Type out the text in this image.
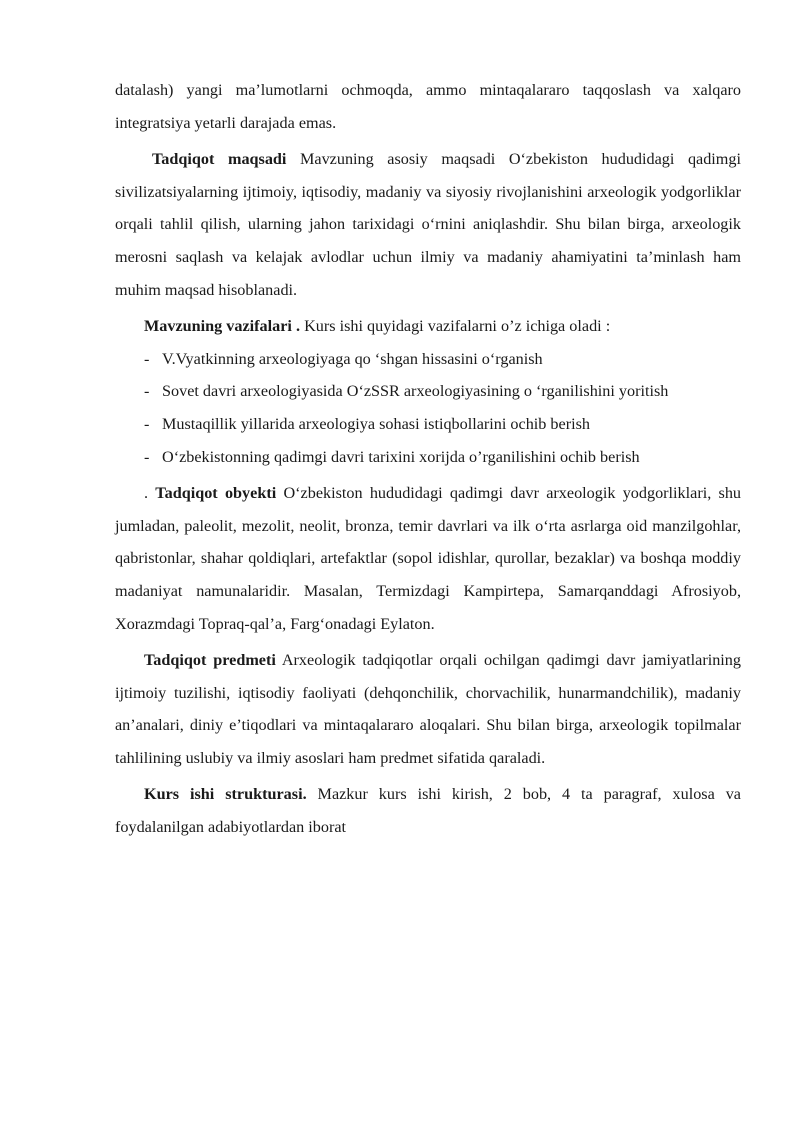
datalash) yangi ma’lumotlarni ochmoqda, ammo mintaqalararo taqqoslash va xalqaro integratsiya yetarli darajada emas.

Tadqiqot maqsadi Mavzuning asosiy maqsadi O‘zbekiston hududidagi qadimgi sivilizatsiyalarning ijtimoiy, iqtisodiy, madaniy va siyosiy rivojlanishini arxeologik yodgorliklar orqali tahlil qilish, ularning jahon tarixidagi o‘rnini aniqlashdir. Shu bilan birga, arxeologik merosni saqlash va kelajak avlodlar uchun ilmiy va madaniy ahamiyatini ta’minlash ham muhim maqsad hisoblanadi.

Mavzuning vazifalari . Kurs ishi quyidagi vazifalarni o’z ichiga oladi :

- V.Vyatkinning arxeologiyaga qo ‘shgan hissasini o‘rganish
- Sovet davri arxeologiyasida O‘zSSR arxeologiyasining o ‘rganilishini yoritish
- Mustaqillik yillarida arxeologiya sohasi istiqbollarini ochib berish
- O‘zbekistonning qadimgi davri tarixini xorijda o’rganilishini ochib berish

. Tadqiqot obyekti O‘zbekiston hududidagi qadimgi davr arxeologik yodgorliklari, shu jumladan, paleolit, mezolit, neolit, bronza, temir davrlari va ilk o‘rta asrlarga oid manzilgohlar, qabristonlar, shahar qoldiqlari, artefaktlar (sopol idishlar, qurollar, bezaklar) va boshqa moddiy madaniyat namunalaridir. Masalan, Termizdagi Kampirtepa, Samarqanddagi Afrosiyob, Xorazmdagi Topraq-qal’a, Farg‘onadagi Eylaton.

Tadqiqot predmeti Arxeologik tadqiqotlar orqali ochilgan qadimgi davr jamiyatlarining ijtimoiy tuzilishi, iqtisodiy faoliyati (dehqonchilik, chorvachilik, hunarmandchilik), madaniy an’analari, diniy e’tiqodlari va mintaqalararo aloqalari. Shu bilan birga, arxeologik topilmalar tahlilining uslubiy va ilmiy asoslari ham predmet sifatida qaraladi.

Kurs ishi strukturasi. Mazkur kurs ishi kirish, 2 bob, 4 ta paragraf, xulosa va foydalanilgan adabiyotlardan iborat
